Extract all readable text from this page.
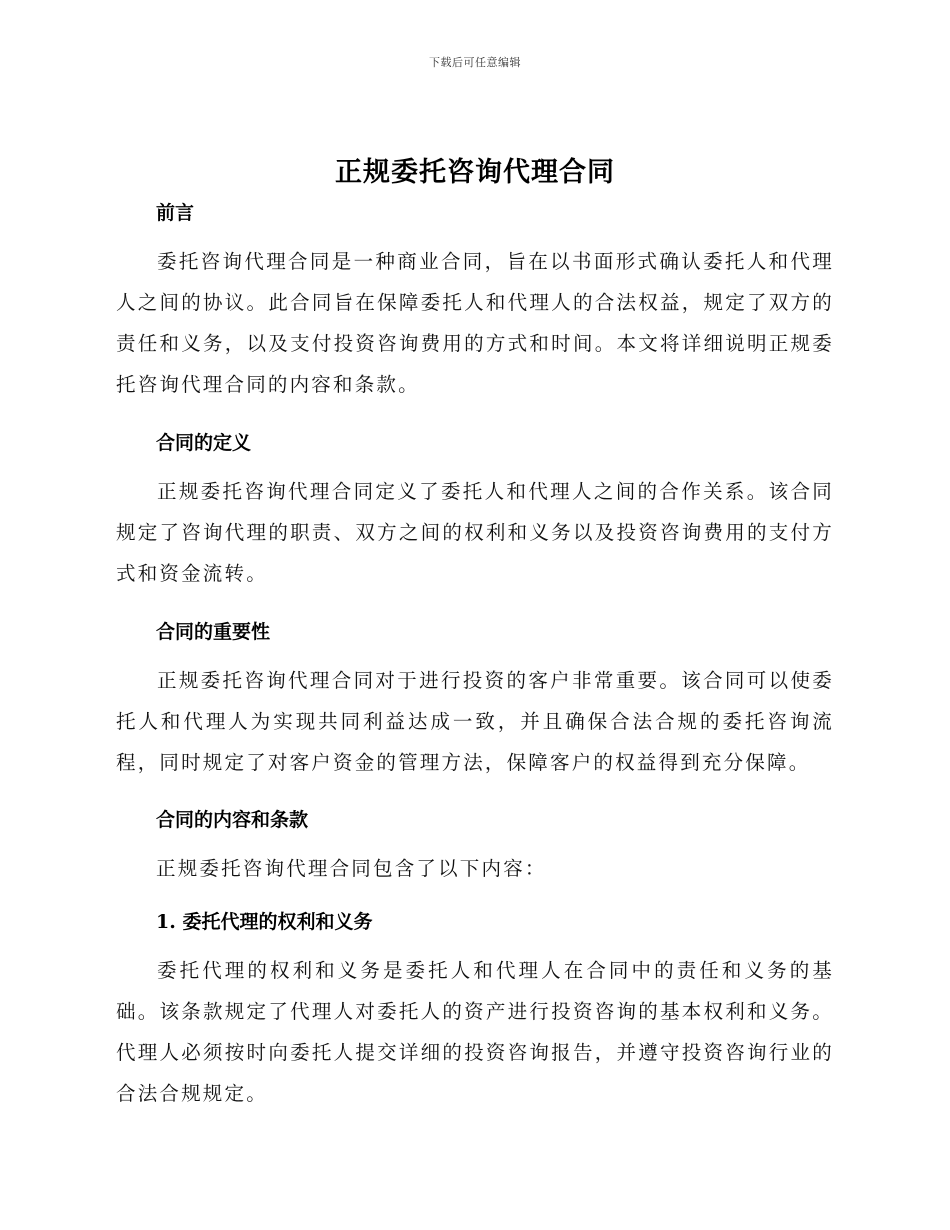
下载后可任意编辑
正规委托咨询代理合同

前言

委托咨询代理合同是一种商业合同，旨在以书面形式确认委托人和代理人之间的协议。此合同旨在保障委托人和代理人的合法权益，规定了双方的责任和义务，以及支付投资咨询费用的方式和时间。本文将详细说明正规委托咨询代理合同的内容和条款。

合同的定义

正规委托咨询代理合同定义了委托人和代理人之间的合作关系。该合同规定了咨询代理的职责、双方之间的权利和义务以及投资咨询费用的支付方式和资金流转。

合同的重要性

正规委托咨询代理合同对于进行投资的客户非常重要。该合同可以使委托人和代理人为实现共同利益达成一致，并且确保合法合规的委托咨询流程，同时规定了对客户资金的管理方法，保障客户的权益得到充分保障。

合同的内容和条款

正规委托咨询代理合同包含了以下内容：

1. 委托代理的权利和义务

委托代理的权利和义务是委托人和代理人在合同中的责任和义务的基础。该条款规定了代理人对委托人的资产进行投资咨询的基本权利和义务。代理人必须按时向委托人提交详细的投资咨询报告，并遵守投资咨询行业的合法合规规定。
